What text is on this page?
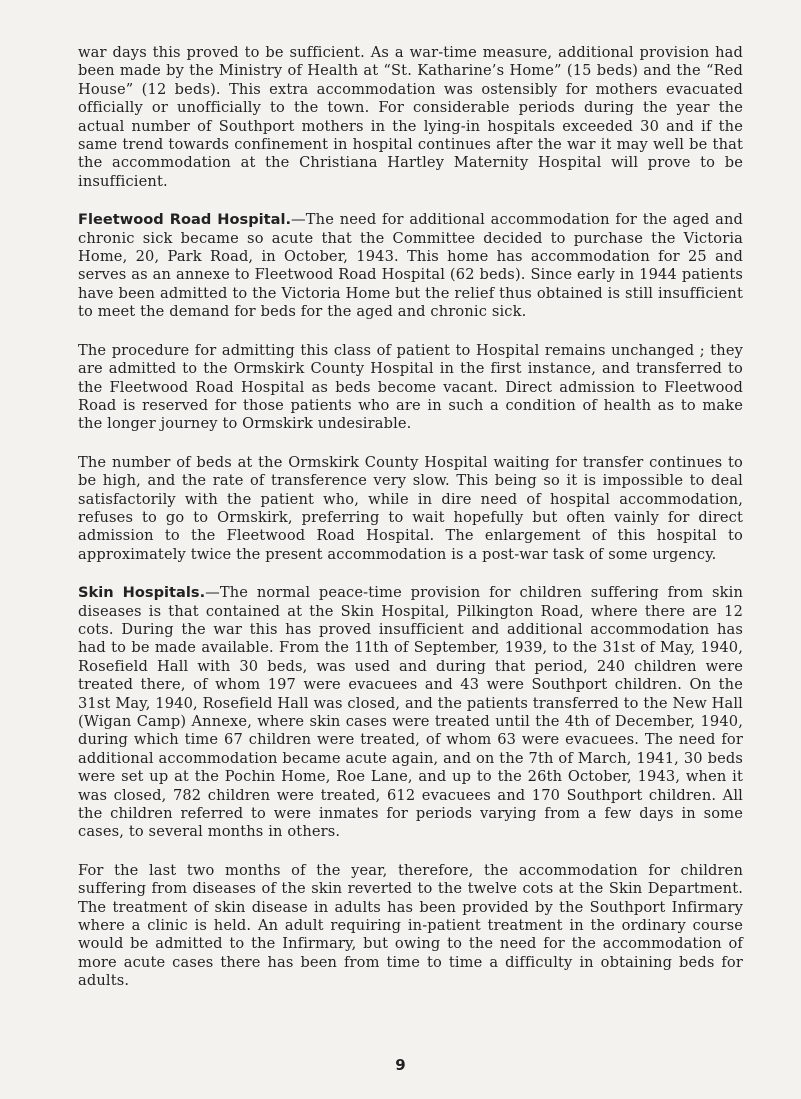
war days this proved to be sufficient. As a war-time measure, additional provision had been made by the Ministry of Health at “St. Katharine’s Home” (15 beds) and the “Red House” (12 beds). This extra accommodation was ostensibly for mothers evacuated officially or unofficially to the town. For considerable periods during the year the actual number of Southport mothers in the lying-in hospitals exceeded 30 and if the same trend towards confinement in hospital continues after the war it may well be that the accommodation at the Christiana Hartley Maternity Hospital will prove to be insufficient.

Fleetwood Road Hospital.—The need for additional accommodation for the aged and chronic sick became so acute that the Committee decided to purchase the Victoria Home, 20, Park Road, in October, 1943. This home has accommodation for 25 and serves as an annexe to Fleetwood Road Hospital (62 beds). Since early in 1944 patients have been admitted to the Victoria Home but the relief thus obtained is still insufficient to meet the demand for beds for the aged and chronic sick.

The procedure for admitting this class of patient to Hospital remains unchanged ; they are admitted to the Ormskirk County Hospital in the first instance, and transferred to the Fleetwood Road Hospital as beds become vacant. Direct admission to Fleetwood Road is reserved for those patients who are in such a condition of health as to make the longer journey to Ormskirk undesirable.

The number of beds at the Ormskirk County Hospital waiting for transfer continues to be high, and the rate of transference very slow. This being so it is impossible to deal satisfactorily with the patient who, while in dire need of hospital accommodation, refuses to go to Ormskirk, preferring to wait hopefully but often vainly for direct admission to the Fleetwood Road Hospital. The enlargement of this hospital to approximately twice the present accommodation is a post-war task of some urgency.

Skin Hospitals.—The normal peace-time provision for children suffering from skin diseases is that contained at the Skin Hospital, Pilkington Road, where there are 12 cots. During the war this has proved insufficient and additional accommodation has had to be made available. From the 11th of September, 1939, to the 31st of May, 1940, Rosefield Hall with 30 beds, was used and during that period, 240 children were treated there, of whom 197 were evacuees and 43 were Southport children. On the 31st May, 1940, Rosefield Hall was closed, and the patients transferred to the New Hall (Wigan Camp) Annexe, where skin cases were treated until the 4th of December, 1940, during which time 67 children were treated, of whom 63 were evacuees. The need for additional accommodation became acute again, and on the 7th of March, 1941, 30 beds were set up at the Pochin Home, Roe Lane, and up to the 26th October, 1943, when it was closed, 782 children were treated, 612 evacuees and 170 Southport children. All the children referred to were inmates for periods varying from a few days in some cases, to several months in others.

For the last two months of the year, therefore, the accommodation for children suffering from diseases of the skin reverted to the twelve cots at the Skin Department. The treatment of skin disease in adults has been provided by the Southport Infirmary where a clinic is held. An adult requiring in-patient treatment in the ordinary course would be admitted to the Infirmary, but owing to the need for the accommodation of more acute cases there has been from time to time a difficulty in obtaining beds for adults.

9
